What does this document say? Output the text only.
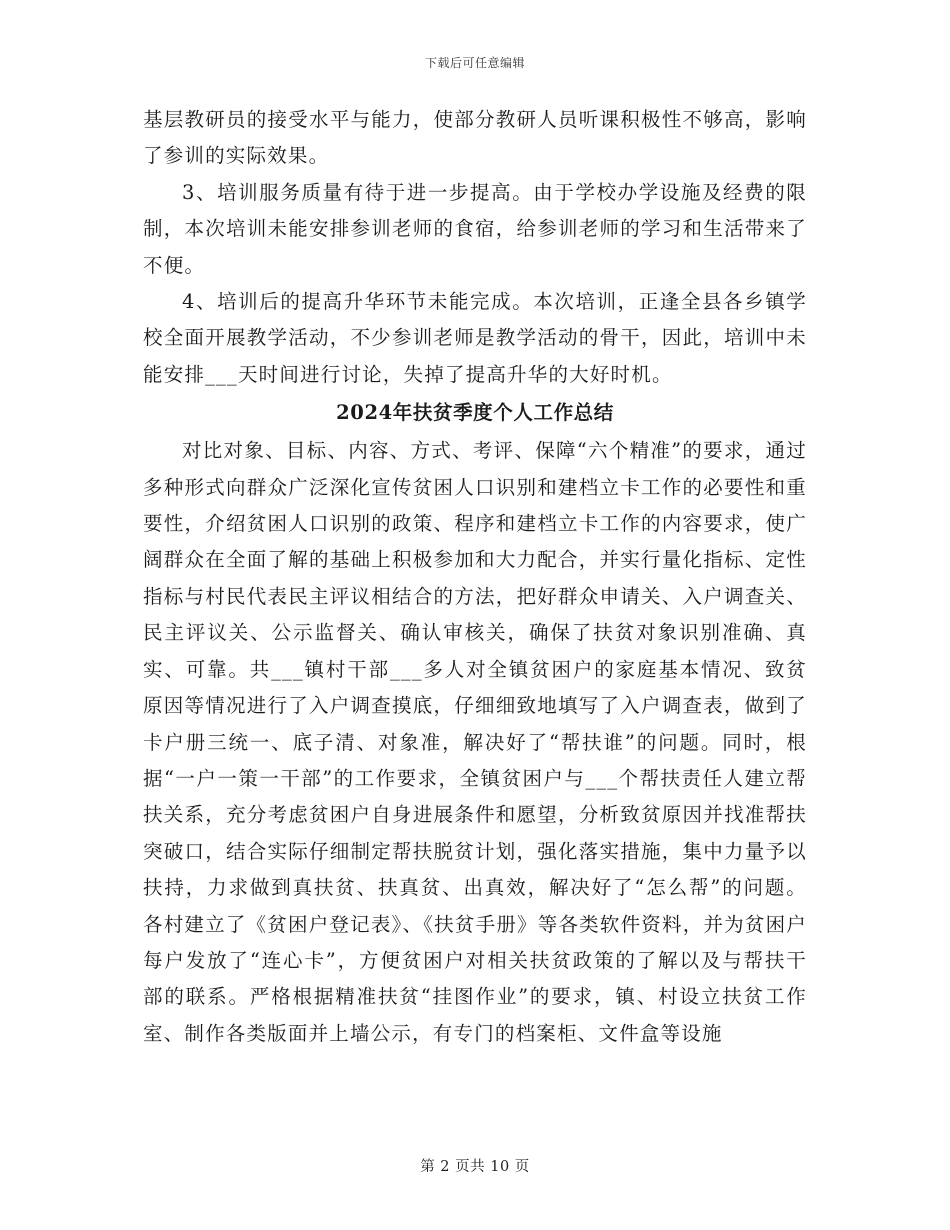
下载后可任意编辑

基层教研员的接受水平与能力，使部分教研人员听课积极性不够高，影响了参训的实际效果。

3、培训服务质量有待于进一步提高。由于学校办学设施及经费的限制，本次培训未能安排参训老师的食宿，给参训老师的学习和生活带来了不便。

4、培训后的提高升华环节未能完成。本次培训，正逢全县各乡镇学校全面开展教学活动，不少参训老师是教学活动的骨干，因此，培训中未能安排___天时间进行讨论，失掉了提高升华的大好时机。

2024年扶贫季度个人工作总结

对比对象、目标、内容、方式、考评、保障“六个精准”的要求，通过多种形式向群众广泛深化宣传贫困人口识别和建档立卡工作的必要性和重要性，介绍贫困人口识别的政策、程序和建档立卡工作的内容要求，使广阔群众在全面了解的基础上积极参加和大力配合，并实行量化指标、定性指标与村民代表民主评议相结合的方法，把好群众申请关、入户调查关、民主评议关、公示监督关、确认审核关，确保了扶贫对象识别准确、真实、可靠。共___镇村干部___多人对全镇贫困户的家庭基本情况、致贫原因等情况进行了入户调查摸底，仔细细致地填写了入户调查表，做到了卡户册三统一、底子清、对象准，解决好了“帮扶谁”的问题。同时，根据“一户一策一干部”的工作要求，全镇贫困户与___个帮扶责任人建立帮扶关系，充分考虑贫困户自身进展条件和愿望，分析致贫原因并找准帮扶突破口，结合实际仔细制定帮扶脱贫计划，强化落实措施，集中力量予以扶持，力求做到真扶贫、扶真贫、出真效，解决好了“怎么帮”的问题。各村建立了《贫困户登记表》、《扶贫手册》等各类软件资料，并为贫困户每户发放了“连心卡”，方便贫困户对相关扶贫政策的了解以及与帮扶干部的联系。严格根据精准扶贫“挂图作业”的要求，镇、村设立扶贫工作室、制作各类版面并上墙公示，有专门的档案柜、文件盒等设施

第 2 页共 10 页
